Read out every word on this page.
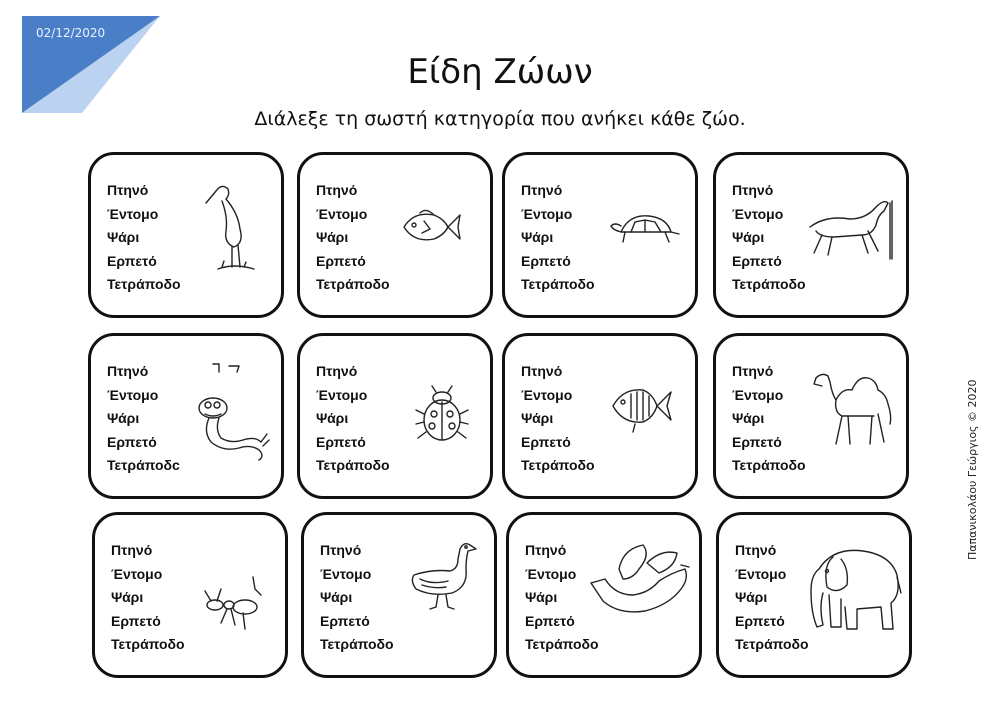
02/12/2020
Είδη Ζώων
Διάλεξε τη σωστή κατηγορία που ανήκει κάθε ζώο.
Παπανικολάου Γεώργιος © 2020
Πτηνό
Έντομο
Ψάρι
Ερπετό
Τετράποδο
Πτηνό
Έντομο
Ψάρι
Ερπετό
Τετράποδο
Πτηνό
Έντομο
Ψάρι
Ερπετό
Τετράποδο
Πτηνό
Έντομο
Ψάρι
Ερπετό
Τετράποδο
Πτηνό
Έντομο
Ψάρι
Ερπετό
Τετράποδc
Πτηνό
Έντομο
Ψάρι
Ερπετό
Τετράποδο
Πτηνό
Έντομο
Ψάρι
Ερπετό
Τετράποδο
Πτηνό
Έντομο
Ψάρι
Ερπετό
Τετράποδο
Πτηνό
Έντομο
Ψάρι
Ερπετό
Τετράποδο
Πτηνό
Έντομο
Ψάρι
Ερπετό
Τετράποδο
Πτηνό
Έντομο
Ψάρι
Ερπετό
Τετράποδο
Πτηνό
Έντομο
Ψάρι
Ερπετό
Τετράποδο
